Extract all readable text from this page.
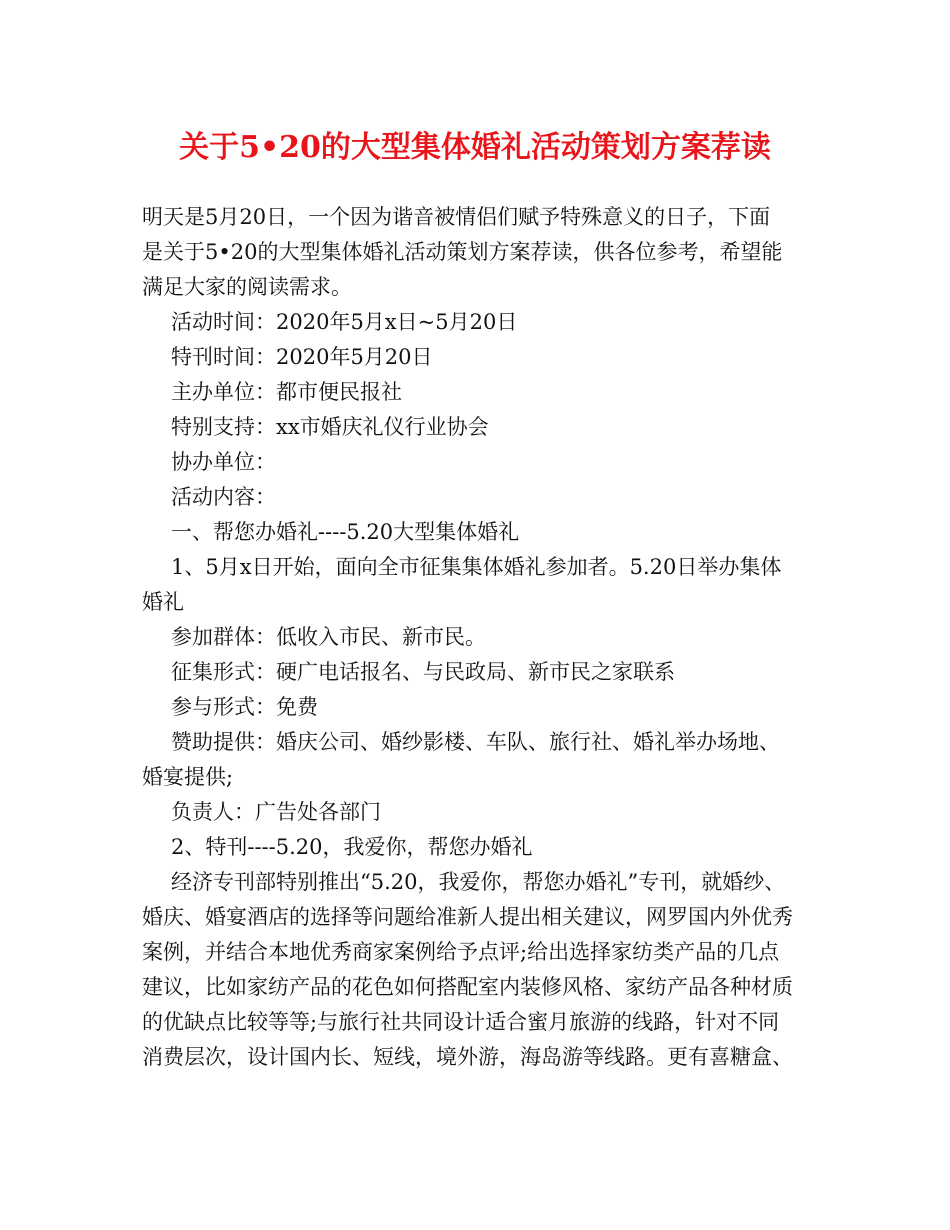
关于5•20的大型集体婚礼活动策划方案荐读

明天是5月20日，一个因为谐音被情侣们赋予特殊意义的日子，下面

是关于5•20的大型集体婚礼活动策划方案荐读，供各位参考，希望能

满足大家的阅读需求。

活动时间：2020年5月x日~5月20日

特刊时间：2020年5月20日

主办单位：都市便民报社

特别支持：xx市婚庆礼仪行业协会

协办单位：

活动内容：

一、帮您办婚礼----5.20大型集体婚礼

1、5月x日开始，面向全市征集集体婚礼参加者。5.20日举办集体

婚礼

参加群体：低收入市民、新市民。

征集形式：硬广电话报名、与民政局、新市民之家联系

参与形式：免费

赞助提供：婚庆公司、婚纱影楼、车队、旅行社、婚礼举办场地、

婚宴提供;

负责人：广告处各部门

2、特刊----5.20，我爱你，帮您办婚礼

经济专刊部特别推出“5.20，我爱你，帮您办婚礼”专刊，就婚纱、

婚庆、婚宴酒店的选择等问题给准新人提出相关建议，网罗国内外优秀

案例，并结合本地优秀商家案例给予点评;给出选择家纺类产品的几点

建议，比如家纺产品的花色如何搭配室内装修风格、家纺产品各种材质

的优缺点比较等等;与旅行社共同设计适合蜜月旅游的线路，针对不同

消费层次，设计国内长、短线，境外游，海岛游等线路。更有喜糖盒、
